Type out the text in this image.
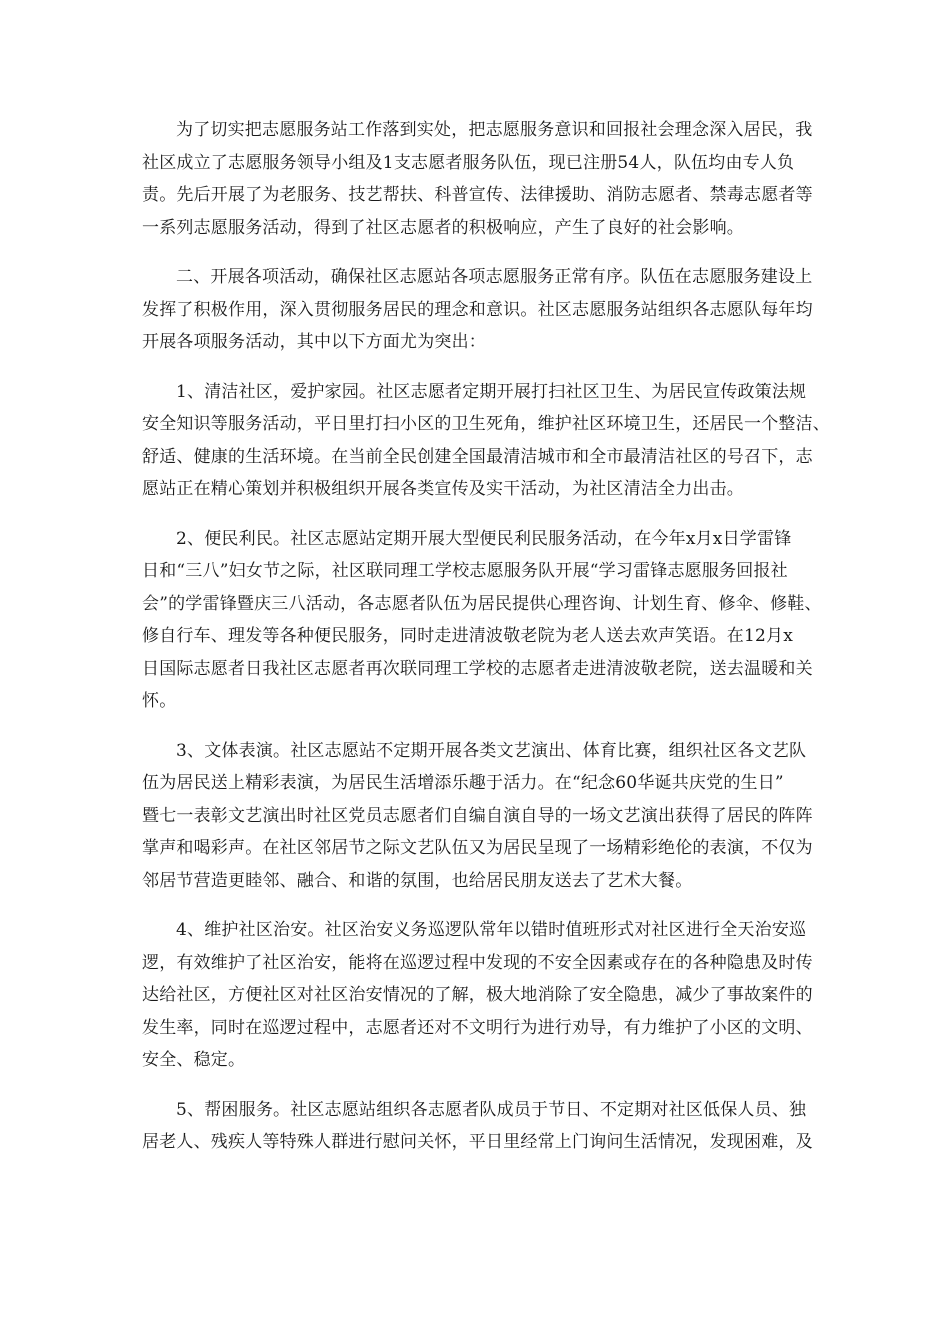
为了切实把志愿服务站工作落到实处，把志愿服务意识和回报社会理念深入居民，我
社区成立了志愿服务领导小组及1支志愿者服务队伍，现已注册54人，队伍均由专人负
责。先后开展了为老服务、技艺帮扶、科普宣传、法律援助、消防志愿者、禁毒志愿者等
一系列志愿服务活动，得到了社区志愿者的积极响应，产生了良好的社会影响。
二、开展各项活动，确保社区志愿站各项志愿服务正常有序。队伍在志愿服务建设上
发挥了积极作用，深入贯彻服务居民的理念和意识。社区志愿服务站组织各志愿队每年均
开展各项服务活动，其中以下方面尤为突出：
1、清洁社区，爱护家园。社区志愿者定期开展打扫社区卫生、为居民宣传政策法规
安全知识等服务活动，平日里打扫小区的卫生死角，维护社区环境卫生，还居民一个整洁、
舒适、健康的生活环境。在当前全民创建全国最清洁城市和全市最清洁社区的号召下，志
愿站正在精心策划并积极组织开展各类宣传及实干活动，为社区清洁全力出击。
2、便民利民。社区志愿站定期开展大型便民利民服务活动，在今年x月x日学雷锋
日和“三八”妇女节之际，社区联同理工学校志愿服务队开展“学习雷锋志愿服务回报社
会”的学雷锋暨庆三八活动，各志愿者队伍为居民提供心理咨询、计划生育、修伞、修鞋、
修自行车、理发等各种便民服务，同时走进清波敬老院为老人送去欢声笑语。在12月x
日国际志愿者日我社区志愿者再次联同理工学校的志愿者走进清波敬老院，送去温暖和关
怀。
3、文体表演。社区志愿站不定期开展各类文艺演出、体育比赛，组织社区各文艺队
伍为居民送上精彩表演，为居民生活增添乐趣于活力。在“纪念60华诞共庆党的生日”
暨七一表彰文艺演出时社区党员志愿者们自编自演自导的一场文艺演出获得了居民的阵阵
掌声和喝彩声。在社区邻居节之际文艺队伍又为居民呈现了一场精彩绝伦的表演，不仅为
邻居节营造更睦邻、融合、和谐的氛围，也给居民朋友送去了艺术大餐。
4、维护社区治安。社区治安义务巡逻队常年以错时值班形式对社区进行全天治安巡
逻，有效维护了社区治安，能将在巡逻过程中发现的不安全因素或存在的各种隐患及时传
达给社区，方便社区对社区治安情况的了解，极大地消除了安全隐患，减少了事故案件的
发生率，同时在巡逻过程中，志愿者还对不文明行为进行劝导，有力维护了小区的文明、
安全、稳定。
5、帮困服务。社区志愿站组织各志愿者队成员于节日、不定期对社区低保人员、独
居老人、残疾人等特殊人群进行慰问关怀，平日里经常上门询问生活情况，发现困难，及
